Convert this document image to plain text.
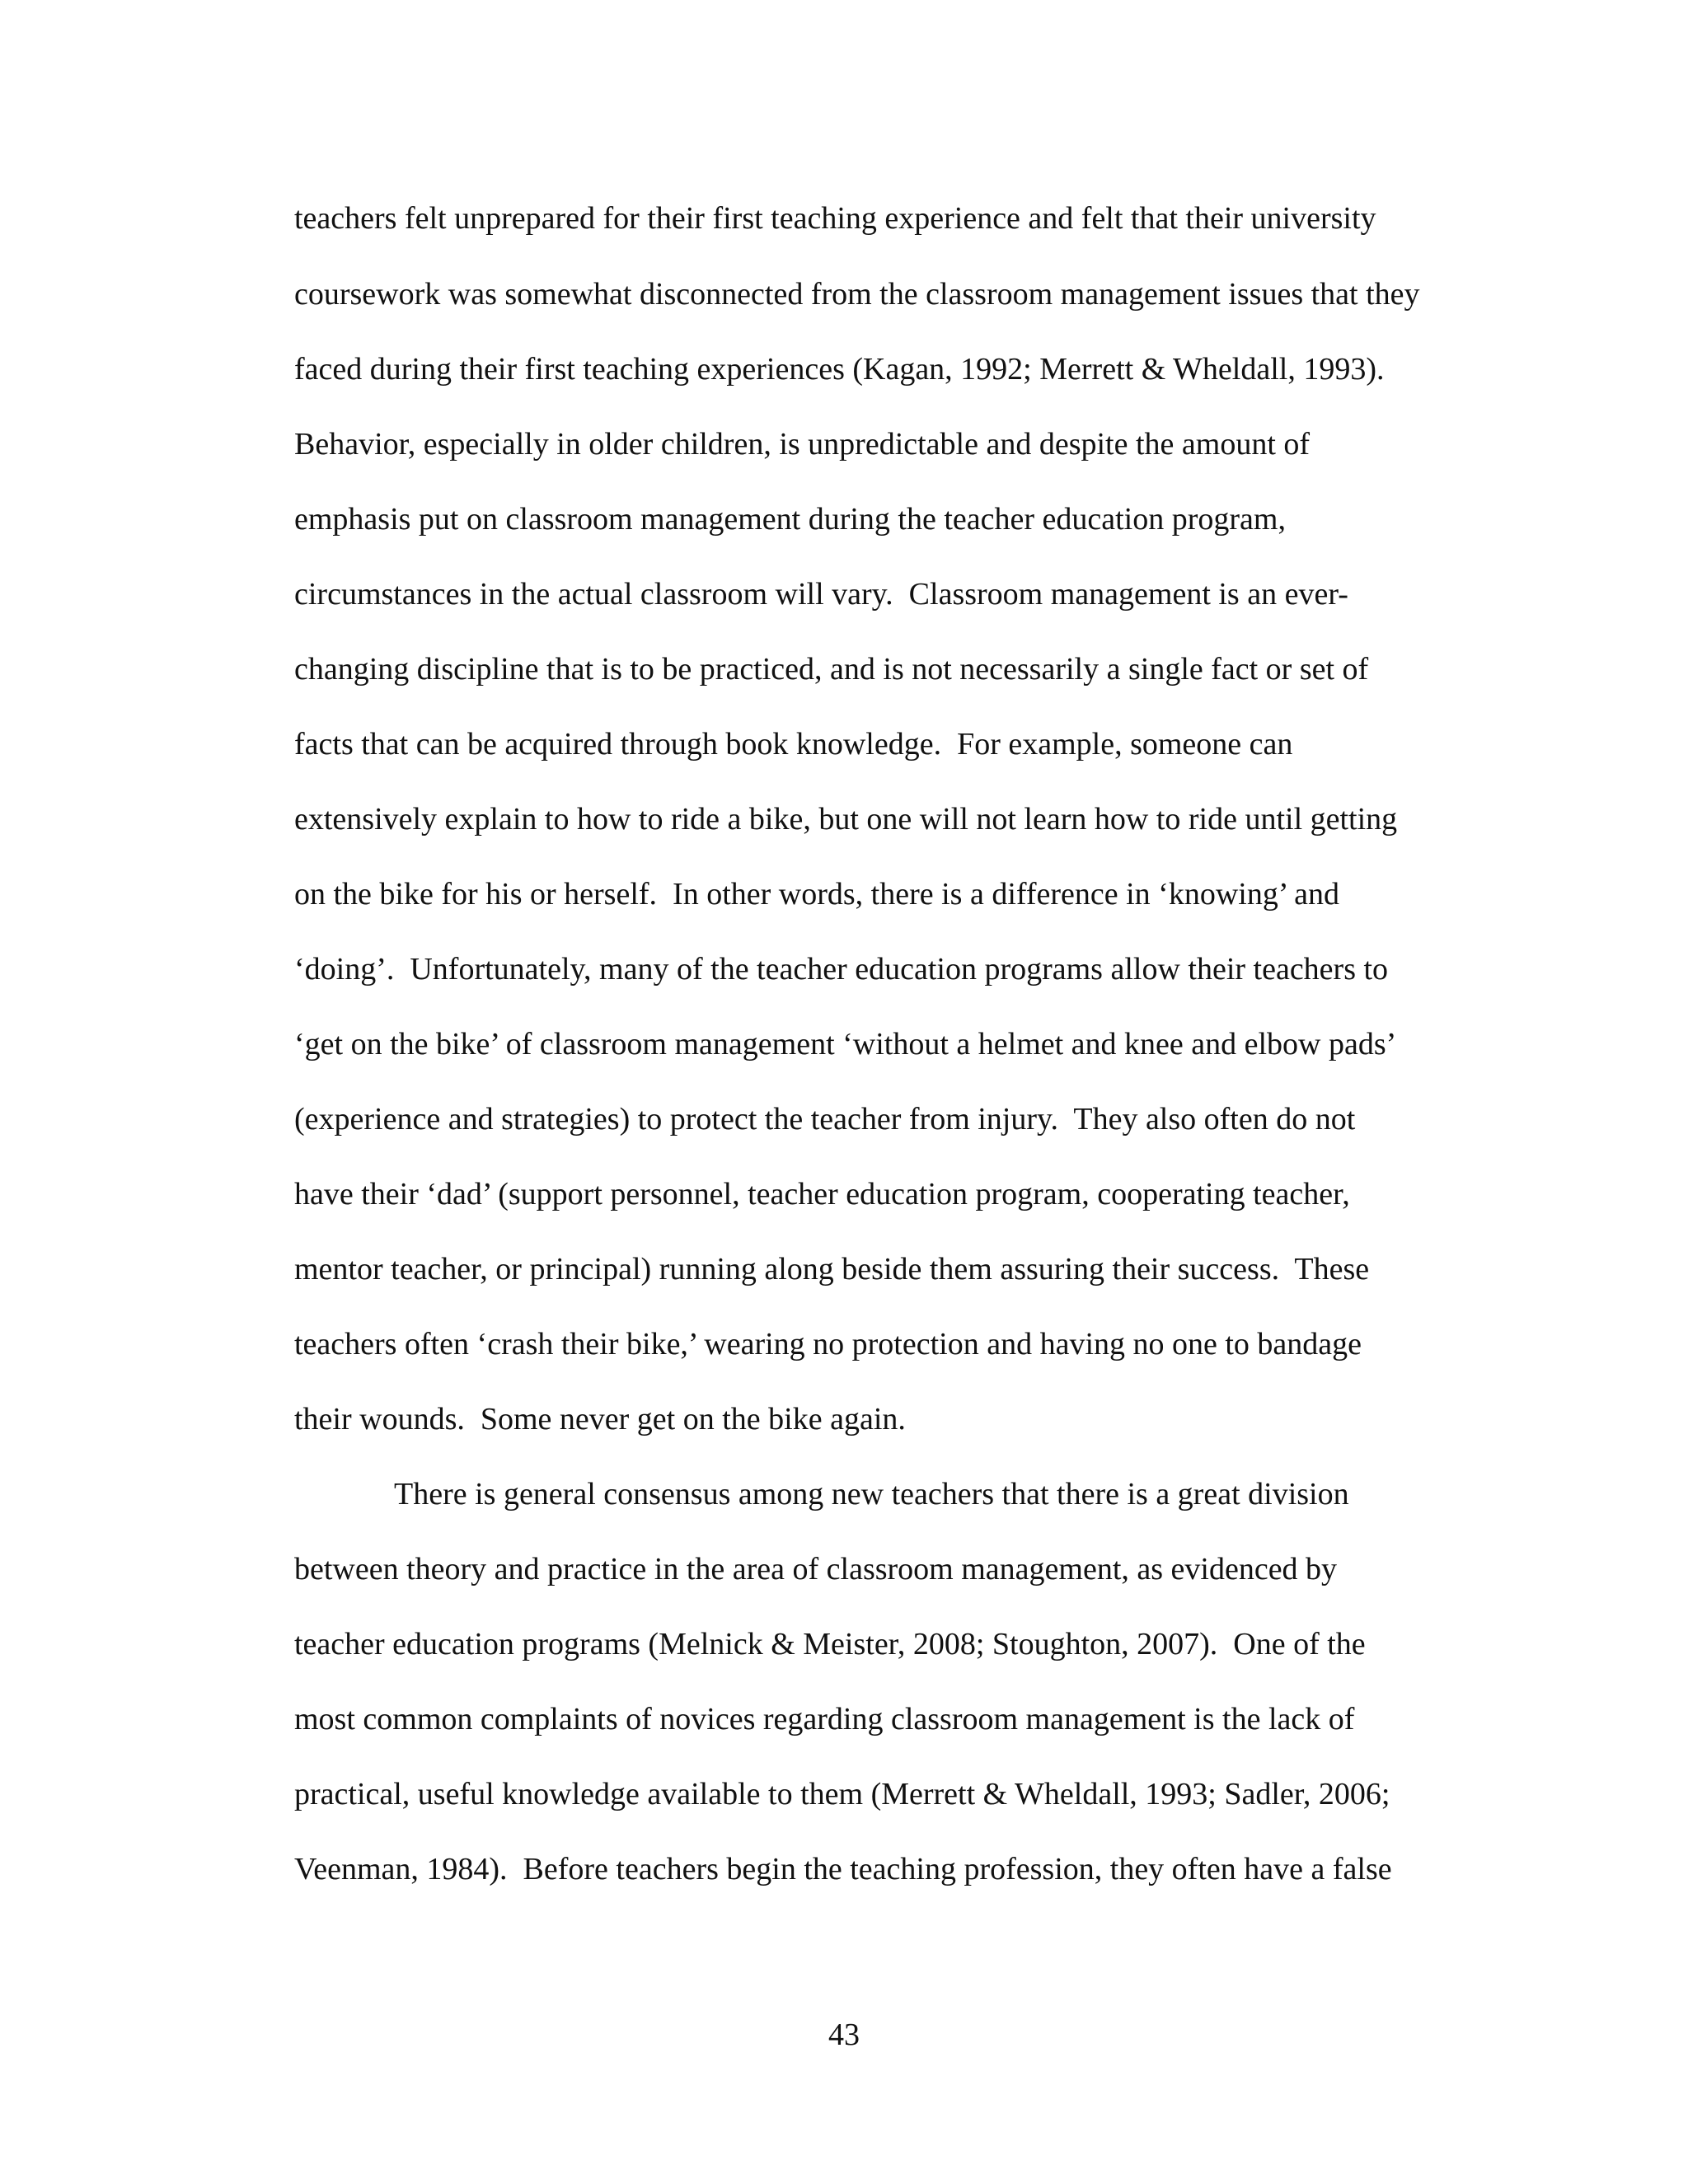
teachers felt unprepared for their first teaching experience and felt that their university

coursework was somewhat disconnected from the classroom management issues that they

faced during their first teaching experiences (Kagan, 1992; Merrett & Wheldall, 1993).

Behavior, especially in older children, is unpredictable and despite the amount of

emphasis put on classroom management during the teacher education program,

circumstances in the actual classroom will vary.  Classroom management is an ever-

changing discipline that is to be practiced, and is not necessarily a single fact or set of

facts that can be acquired through book knowledge.  For example, someone can

extensively explain to how to ride a bike, but one will not learn how to ride until getting

on the bike for his or herself.  In other words, there is a difference in ‘knowing’ and

‘doing’.  Unfortunately, many of the teacher education programs allow their teachers to

‘get on the bike’ of classroom management ‘without a helmet and knee and elbow pads’

(experience and strategies) to protect the teacher from injury.  They also often do not

have their ‘dad’ (support personnel, teacher education program, cooperating teacher,

mentor teacher, or principal) running along beside them assuring their success.  These

teachers often ‘crash their bike,’ wearing no protection and having no one to bandage

their wounds.  Some never get on the bike again.

There is general consensus among new teachers that there is a great division

between theory and practice in the area of classroom management, as evidenced by

teacher education programs (Melnick & Meister, 2008; Stoughton, 2007).  One of the

most common complaints of novices regarding classroom management is the lack of

practical, useful knowledge available to them (Merrett & Wheldall, 1993; Sadler, 2006;

Veenman, 1984).  Before teachers begin the teaching profession, they often have a false

43
